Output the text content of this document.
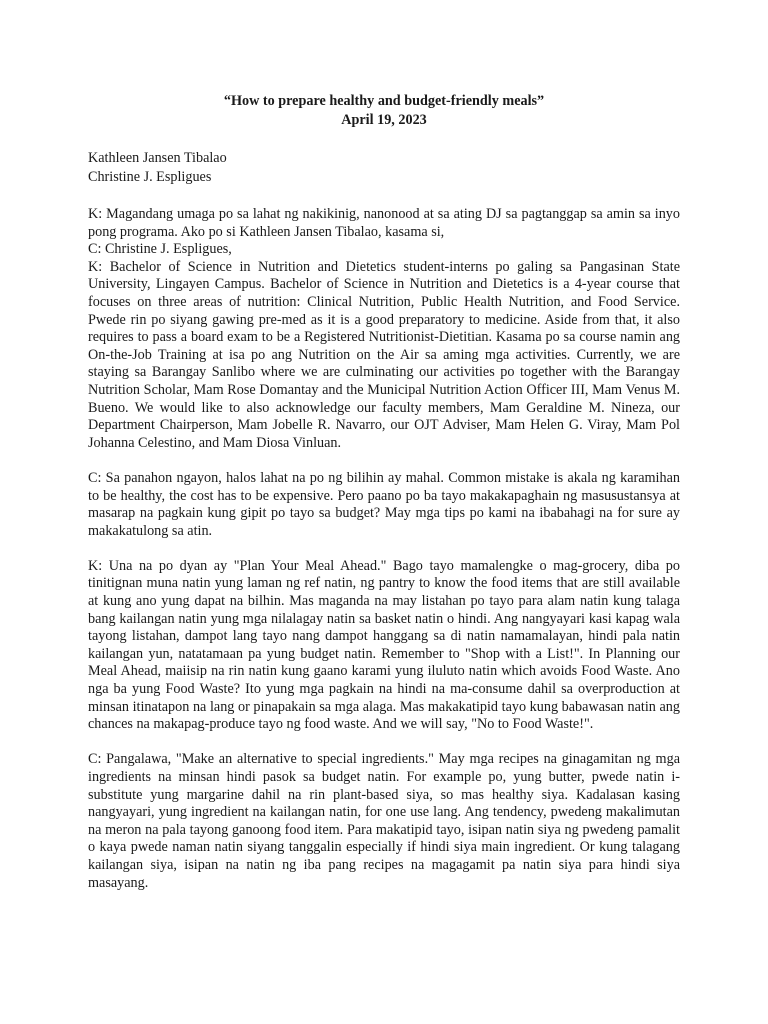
“How to prepare healthy and budget-friendly meals”
April 19, 2023
Kathleen Jansen Tibalao
Christine J. Espligues
K: Magandang umaga po sa lahat ng nakikinig, nanonood at sa ating DJ sa pagtanggap sa amin sa inyo pong programa. Ako po si Kathleen Jansen Tibalao, kasama si,
C: Christine J. Espligues,
K: Bachelor of Science in Nutrition and Dietetics student-interns po galing sa Pangasinan State University, Lingayen Campus. Bachelor of Science in Nutrition and Dietetics is a 4-year course that focuses on three areas of nutrition: Clinical Nutrition, Public Health Nutrition, and Food Service. Pwede rin po siyang gawing pre-med as it is a good preparatory to medicine. Aside from that, it also requires to pass a board exam to be a Registered Nutritionist-Dietitian. Kasama po sa course namin ang On-the-Job Training at isa po ang Nutrition on the Air sa aming mga activities. Currently, we are staying sa Barangay Sanlibo where we are culminating our activities po together with the Barangay Nutrition Scholar, Mam Rose Domantay and the Municipal Nutrition Action Officer III, Mam Venus M. Bueno. We would like to also acknowledge our faculty members, Mam Geraldine M. Nineza, our Department Chairperson, Mam Jobelle R. Navarro, our OJT Adviser, Mam Helen G. Viray, Mam Pol Johanna Celestino, and Mam Diosa Vinluan.

C: Sa panahon ngayon, halos lahat na po ng bilihin ay mahal. Common mistake is akala ng karamihan to be healthy, the cost has to be expensive. Pero paano po ba tayo makakapaghain ng masusustansya at masarap na pagkain kung gipit po tayo sa budget? May mga tips po kami na ibabahagi na for sure ay makakatulong sa atin.

K: Una na po dyan ay "Plan Your Meal Ahead." Bago tayo mamalengke o mag-grocery, diba po tinitignan muna natin yung laman ng ref natin, ng pantry to know the food items that are still available at kung ano yung dapat na bilhin. Mas maganda na may listahan po tayo para alam natin kung talaga bang kailangan natin yung mga nilalagay natin sa basket natin o hindi. Ang nangyayari kasi kapag wala tayong listahan, dampot lang tayo nang dampot hanggang sa di natin namamalayan, hindi pala natin kailangan yun, natatamaan pa yung budget natin. Remember to "Shop with a List!". In Planning our Meal Ahead, maiisip na rin natin kung gaano karami yung iluluto natin which avoids Food Waste. Ano nga ba yung Food Waste? Ito yung mga pagkain na hindi na ma-consume dahil sa overproduction at minsan itinatapon na lang or pinapakain sa mga alaga. Mas makakatipid tayo kung babawasan natin ang chances na makapag-produce tayo ng food waste. And we will say, "No to Food Waste!".

C: Pangalawa, "Make an alternative to special ingredients." May mga recipes na ginagamitan ng mga ingredients na minsan hindi pasok sa budget natin. For example po, yung butter, pwede natin i-substitute yung margarine dahil na rin plant-based siya, so mas healthy siya. Kadalasan kasing nangyayari, yung ingredient na kailangan natin, for one use lang. Ang tendency, pwedeng makalimutan na meron na pala tayong ganoong food item. Para makatipid tayo, isipan natin siya ng pwedeng pamalit o kaya pwede naman natin siyang tanggalin especially if hindi siya main ingredient. Or kung talagang kailangan siya, isipan na natin ng iba pang recipes na magagamit pa natin siya para hindi siya masayang.
